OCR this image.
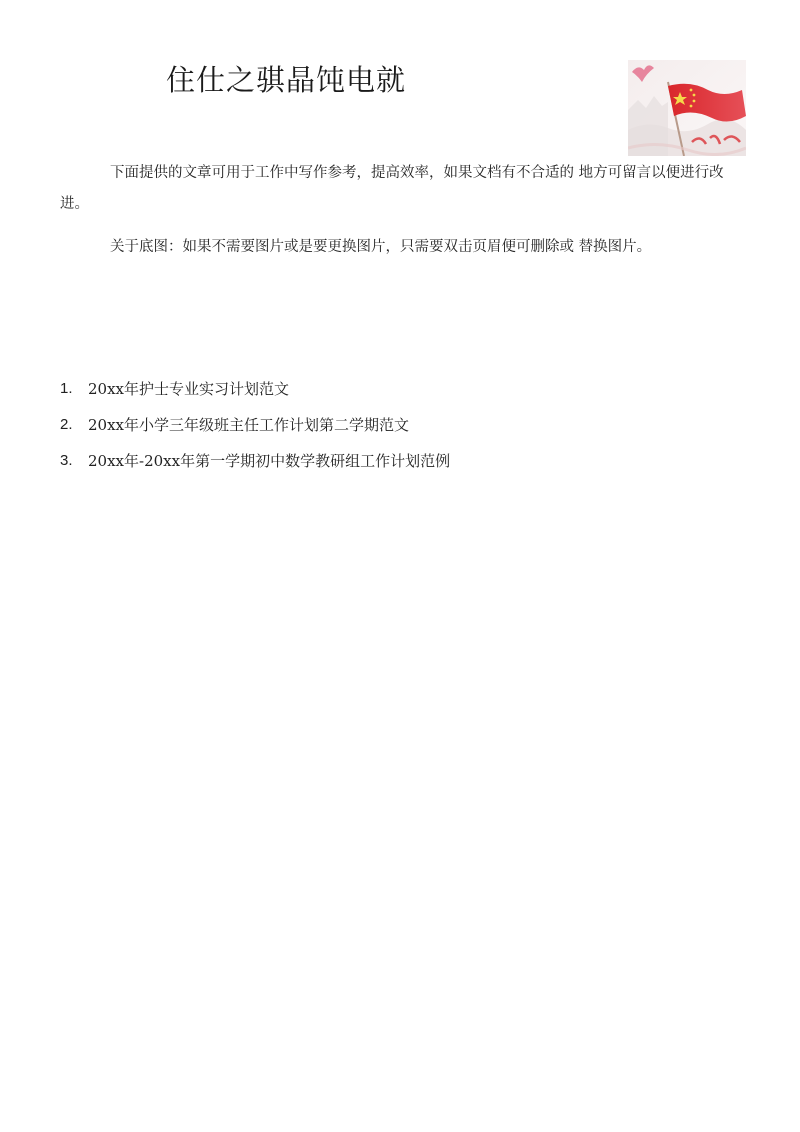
住仕之骐晶饨电就
下面提供的文章可用于工作中写作参考，提高效率，如果文档有不合适的 地方可留言以便进行改进。
关于底图：如果不需要图片或是要更换图片，只需要双击页眉便可删除或 替换图片。
1.	20xx年护士专业实习计划范文
2.	20xx年小学三年级班主任工作计划第二学期范文
3.	20xx年-20xx年第一学期初中数学教研组工作计划范例
